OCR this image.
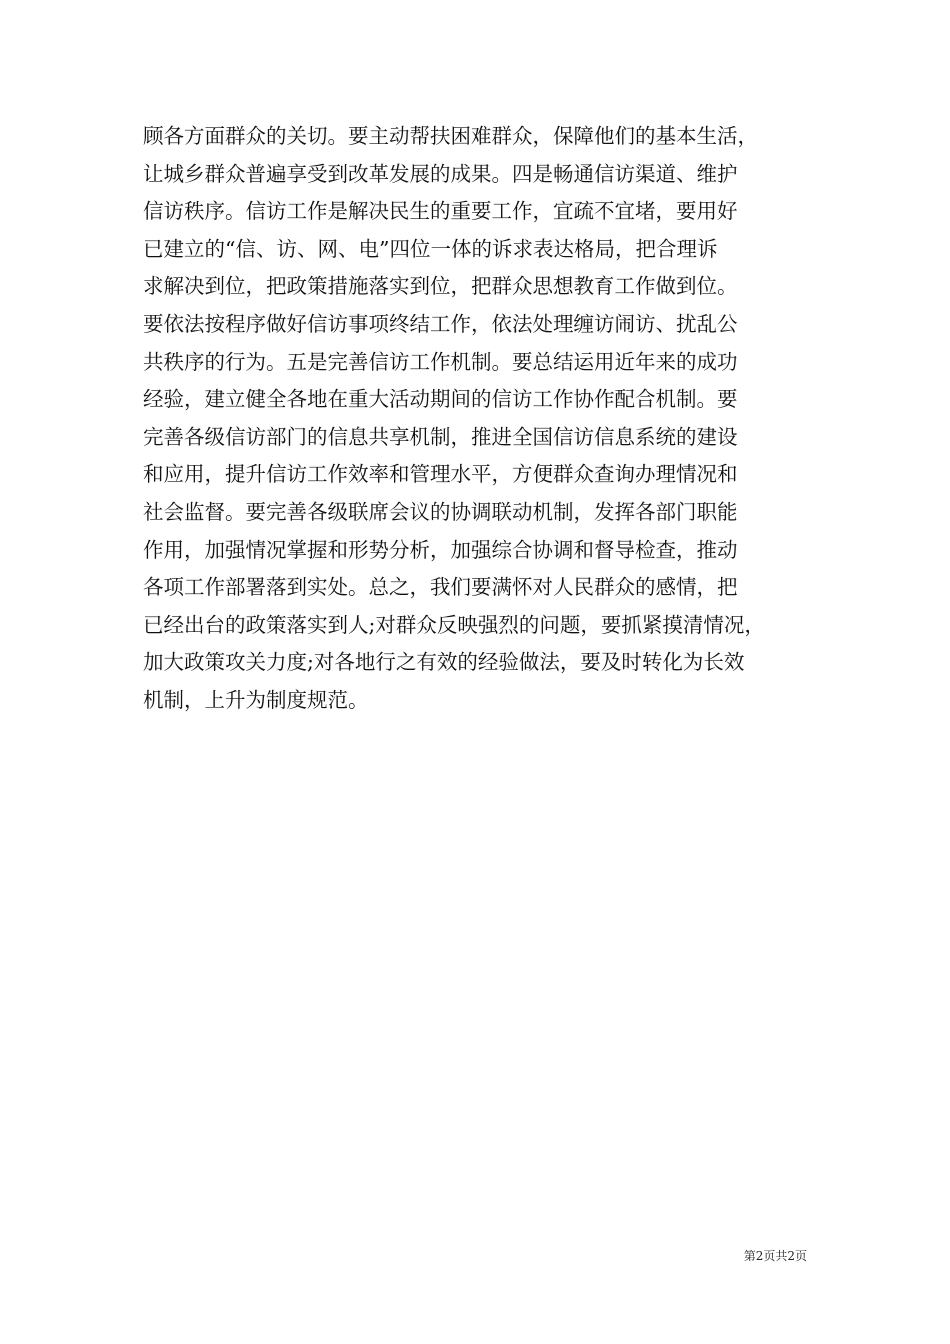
顾各方面群众的关切。要主动帮扶困难群众，保障他们的基本生活，
让城乡群众普遍享受到改革发展的成果。四是畅通信访渠道、维护
信访秩序。信访工作是解决民生的重要工作，宜疏不宜堵，要用好
已建立的“信、访、网、电”四位一体的诉求表达格局，把合理诉
求解决到位，把政策措施落实到位，把群众思想教育工作做到位。
要依法按程序做好信访事项终结工作，依法处理缠访闹访、扰乱公
共秩序的行为。五是完善信访工作机制。要总结运用近年来的成功
经验，建立健全各地在重大活动期间的信访工作协作配合机制。要
完善各级信访部门的信息共享机制，推进全国信访信息系统的建设
和应用，提升信访工作效率和管理水平，方便群众查询办理情况和
社会监督。要完善各级联席会议的协调联动机制，发挥各部门职能
作用，加强情况掌握和形势分析，加强综合协调和督导检查，推动
各项工作部署落到实处。总之，我们要满怀对人民群众的感情，把
已经出台的政策落实到人;对群众反映强烈的问题，要抓紧摸清情况，
加大政策攻关力度;对各地行之有效的经验做法，要及时转化为长效
机制，上升为制度规范。
第2页共2页
